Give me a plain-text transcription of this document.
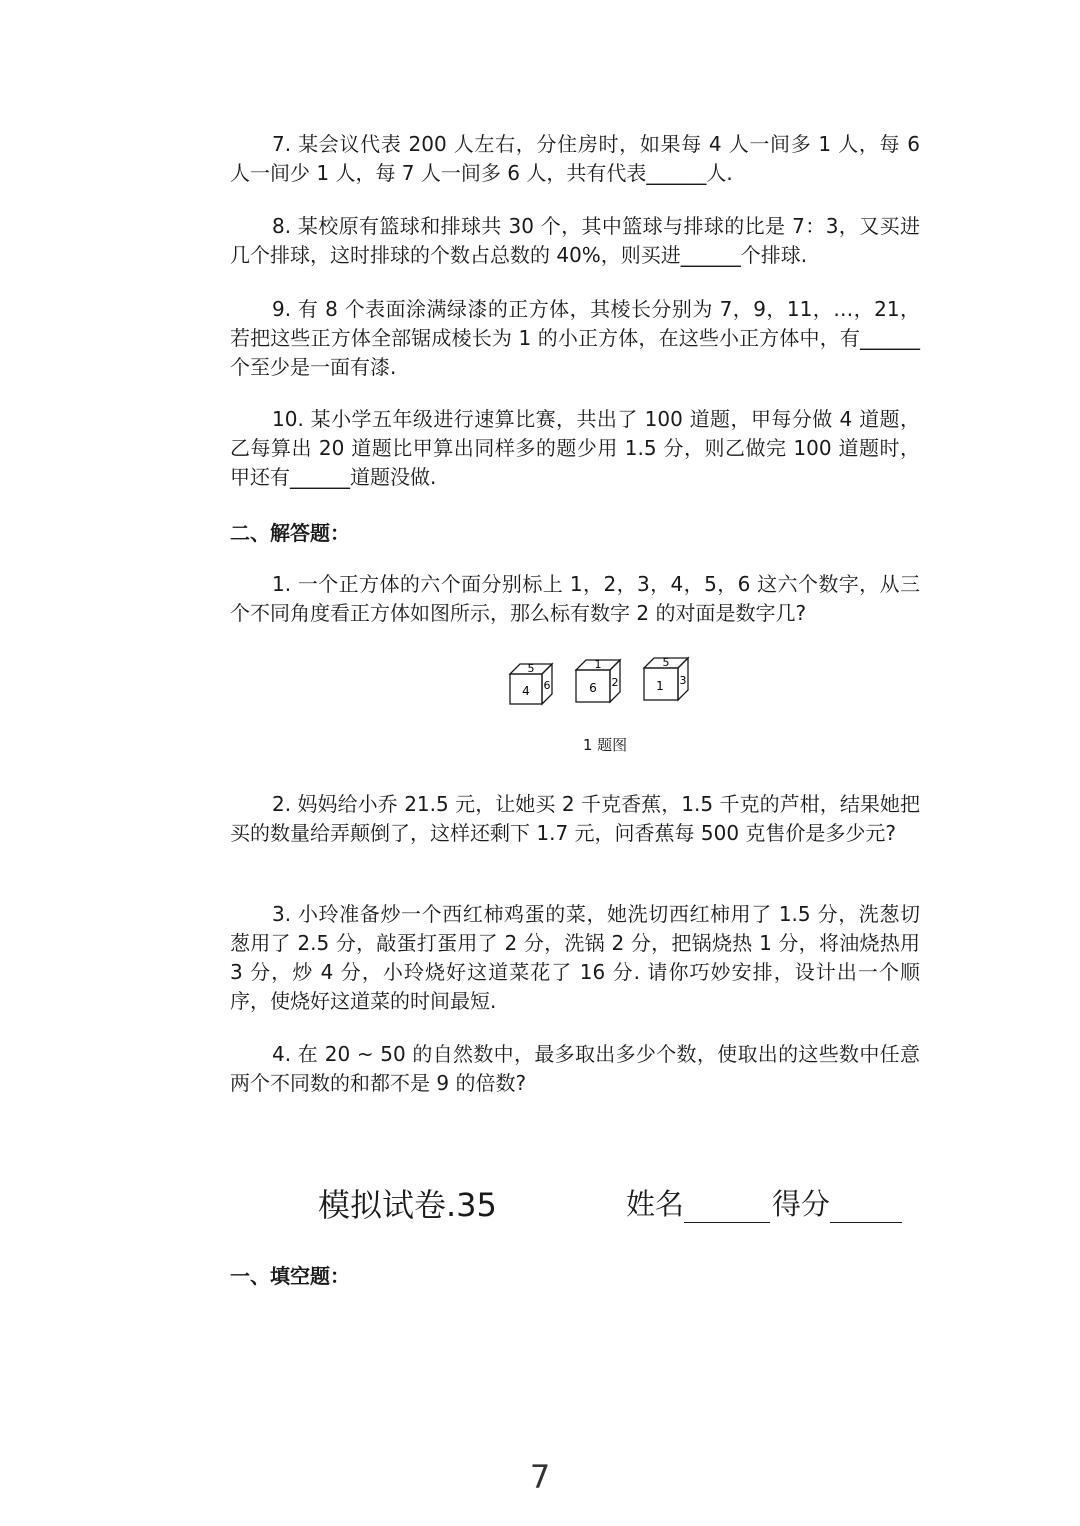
7. 某会议代表 200 人左右，分住房时，如果每 4 人一间多 1 人，每 6 人一间少 1 人，每 7 人一间多 6 人，共有代表______人.

8. 某校原有篮球和排球共 30 个，其中篮球与排球的比是 7：3，又买进几个排球，这时排球的个数占总数的 40%，则买进______个排球.

9. 有 8 个表面涂满绿漆的正方体，其棱长分别为 7，9，11，…，21，若把这些正方体全部锯成棱长为 1 的小正方体，在这些小正方体中，有______个至少是一面有漆.

10. 某小学五年级进行速算比赛，共出了 100 道题，甲每分做 4 道题，乙每算出 20 道题比甲算出同样多的题少用 1.5 分，则乙做完 100 道题时，甲还有______道题没做.

二、解答题：

1. 一个正方体的六个面分别标上 1，2，3，4，5，6 这六个数字，从三个不同角度看正方体如图所示，那么标有数字 2 的对面是数字几?

4
5
6	6
1
2	1
5
3

1 题图

2. 妈妈给小乔 21.5 元，让她买 2 千克香蕉，1.5 千克的芦柑，结果她把买的数量给弄颠倒了，这样还剩下 1.7 元，问香蕉每 500 克售价是多少元?

3. 小玲准备炒一个西红柿鸡蛋的菜，她洗切西红柿用了 1.5 分，洗葱切葱用了 2.5 分，敲蛋打蛋用了 2 分，洗锅 2 分，把锅烧热 1 分，将油烧热用 3 分，炒 4 分，小玲烧好这道菜花了 16 分. 请你巧妙安排，设计出一个顺序，使烧好这道菜的时间最短.

4. 在 20 ~ 50 的自然数中，最多取出多少个数，使取出的这些数中任意两个不同数的和都不是 9 的倍数?

模拟试卷.35	姓名	得分

一、填空题：

7
